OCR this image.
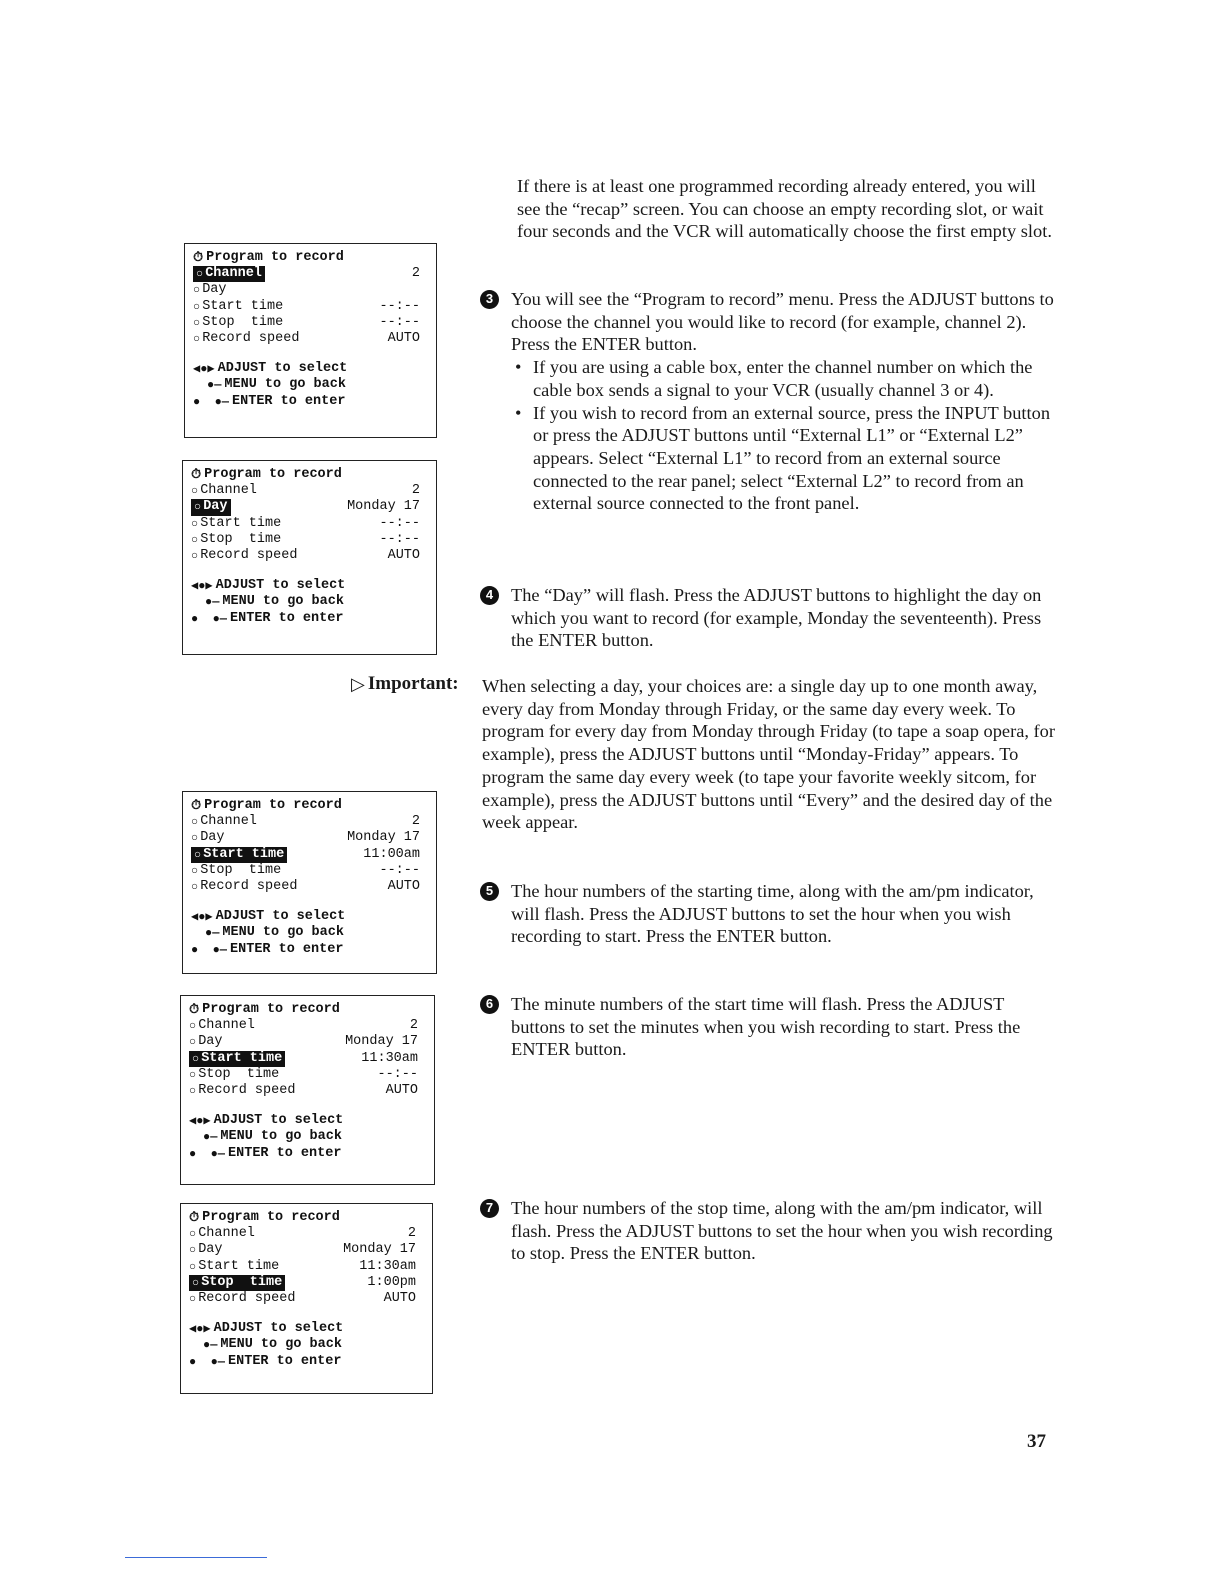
⏱ Program to record
○ Channel	2
○ Day
○ Start time	--:--
○ Stop  time	--:--
○ Record speed	AUTO
◀●▶ ADJUST to select
●— MENU to go back
●  ●— ENTER to enter
⏱ Program to record
○ Channel	2
○ Day	Monday 17
○ Start time	--:--
○ Stop  time	--:--
○ Record speed	AUTO
◀●▶ ADJUST to select
●— MENU to go back
●  ●— ENTER to enter
⏱ Program to record
○ Channel	2
○ Day	Monday 17
○ Start time	11:00am
○ Stop  time	--:--
○ Record speed	AUTO
◀●▶ ADJUST to select
●— MENU to go back
●  ●— ENTER to enter
⏱ Program to record
○ Channel	2
○ Day	Monday 17
○ Start time	11:30am
○ Stop  time	--:--
○ Record speed	AUTO
◀●▶ ADJUST to select
●— MENU to go back
●  ●— ENTER to enter
⏱ Program to record
○ Channel	2
○ Day	Monday 17
○ Start time	11:30am
○ Stop  time	1:00pm
○ Record speed	AUTO
◀●▶ ADJUST to select
●— MENU to go back
●  ●— ENTER to enter

If there is at least one programmed recording already entered, you will see the “recap” screen. You can choose an empty recording slot, or wait four seconds and the VCR will automatically choose the first empty slot.

3 You will see the “Program to record” menu. Press the ADJUST buttons to choose the channel you would like to record (for example, channel 2). Press the ENTER button.

• If you are using a cable box, enter the channel number on which the cable box sends a signal to your VCR (usually channel 3 or 4).
• If you wish to record from an external source, press the INPUT button or press the ADJUST buttons until “External L1” or “External L2” appears. Select “External L1” to record from an external source connected to the rear panel; select “External L2” to record from an external source connected to the front panel.
4 The “Day” will flash. Press the ADJUST buttons to highlight the day on which you want to record (for example, Monday the seventeenth). Press the ENTER button.

▷ Important: When selecting a day, your choices are: a single day up to one month away, every day from Monday through Friday, or the same day every week. To program for every day from Monday through Friday (to tape a soap opera, for example), press the ADJUST buttons until “Monday-Friday” appears. To program the same day every week (to tape your favorite weekly sitcom, for example), press the ADJUST buttons until “Every” and the desired day of the week appear.

5 The hour numbers of the starting time, along with the am/pm indicator, will flash. Press the ADJUST buttons to set the hour when you wish recording to start. Press the ENTER button.

6 The minute numbers of the start time will flash. Press the ADJUST buttons to set the minutes when you wish recording to start. Press the ENTER button.

7 The hour numbers of the stop time, along with the am/pm indicator, will flash. Press the ADJUST buttons to set the hour when you wish recording to stop. Press the ENTER button.

37
